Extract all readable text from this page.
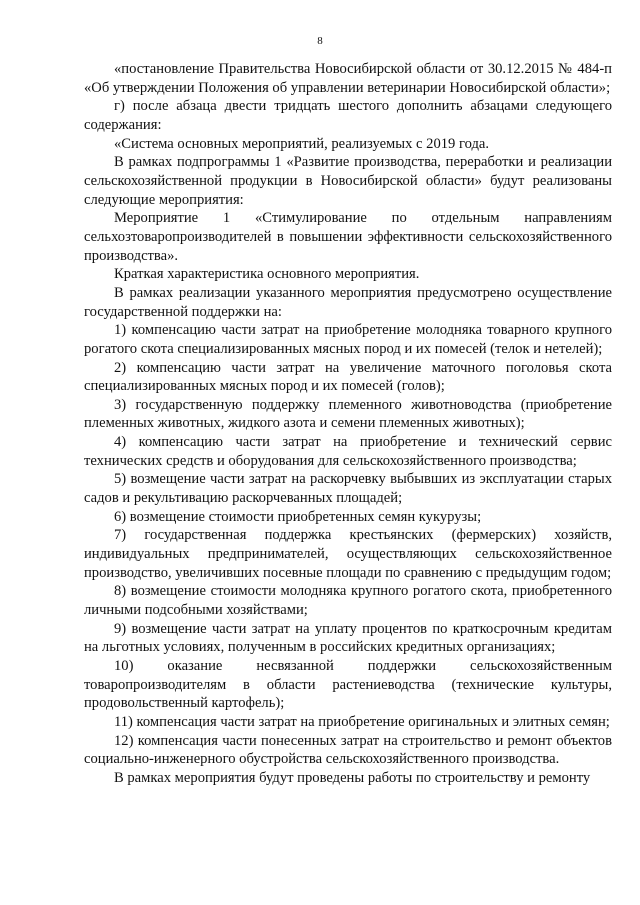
8

«постановление Правительства Новосибирской области от 30.12.2015 № 484-п «Об утверждении Положения об управлении ветеринарии Новосибирской области»;

г) после абзаца двести тридцать шестого дополнить абзацами следующего содержания:

«Система основных мероприятий, реализуемых с 2019 года.

В рамках подпрограммы 1 «Развитие производства, переработки и реализации сельскохозяйственной продукции в Новосибирской области» будут реализованы следующие мероприятия:

Мероприятие 1 «Стимулирование по отдельным направлениям сельхозтоваропроизводителей в повышении эффективности сельскохозяйственного производства».

Краткая характеристика основного мероприятия.

В рамках реализации указанного мероприятия предусмотрено осуществление государственной поддержки на:

1) компенсацию части затрат на приобретение молодняка товарного крупного рогатого скота специализированных мясных пород и их помесей (телок и нетелей);

2) компенсацию части затрат на увеличение маточного поголовья скота специализированных мясных пород и их помесей (голов);

3) государственную поддержку племенного животноводства (приобретение племенных животных, жидкого азота и семени племенных животных);

4) компенсацию части затрат на приобретение и технический сервис технических средств и оборудования для сельскохозяйственного производства;

5) возмещение части затрат на раскорчевку выбывших из эксплуатации старых садов и рекультивацию раскорчеванных площадей;

6) возмещение стоимости приобретенных семян кукурузы;

7) государственная поддержка крестьянских (фермерских) хозяйств, индивидуальных предпринимателей, осуществляющих сельскохозяйственное производство, увеличивших посевные площади по сравнению с предыдущим годом;

8) возмещение стоимости молодняка крупного рогатого скота, приобретенного личными подсобными хозяйствами;

9) возмещение части затрат на уплату процентов по краткосрочным кредитам на льготных условиях, полученным в российских кредитных организациях;

10) оказание несвязанной поддержки сельскохозяйственным товаропроизводителям в области растениеводства (технические культуры, продовольственный картофель);

11) компенсация части затрат на приобретение оригинальных и элитных семян;

12) компенсация части понесенных затрат на строительство и ремонт объектов социально-инженерного обустройства сельскохозяйственного производства.

В рамках мероприятия будут проведены работы по строительству и ремонту
